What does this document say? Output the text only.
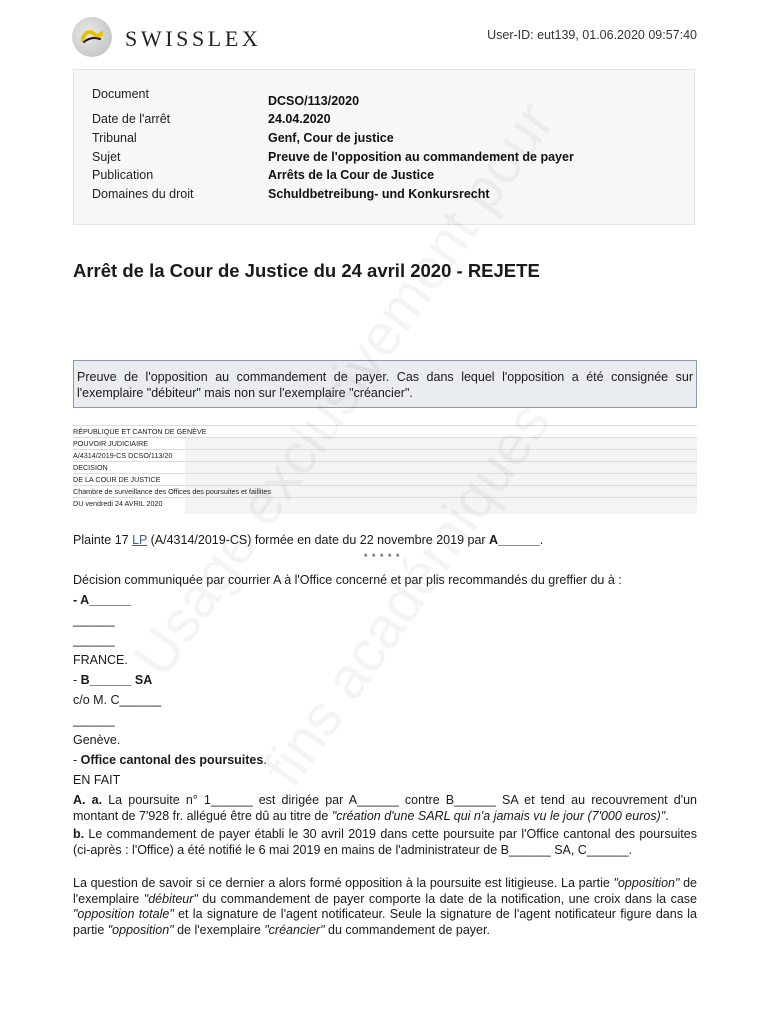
SWISSLEX	User-ID: eut139, 01.06.2020 09:57:40
Document	DCSO/113/2020
Date de l'arrêt	24.04.2020
Tribunal	Genf, Cour de justice
Sujet	Preuve de l'opposition au commandement de payer
Publication	Arrêts de la Cour de Justice
Domaines du droit	Schuldbetreibung- und Konkursrecht
Arrêt de la Cour de Justice du 24 avril 2020 - REJETE
Preuve de l'opposition au commandement de payer. Cas dans lequel l'opposition a été consignée sur l'exemplaire "débiteur" mais non sur l'exemplaire "créancier".
RÉPUBLIQUE ET CANTON DE GENÈVE
POUVOIR JUDICIAIRE
A/4314/2019-CS DCSO/113/20
DECISION
DE LA COUR DE JUSTICE
Chambre de surveillance des Offices des poursuites et faillites
DU vendredi 24 AVRIL 2020
Plainte 17 LP (A/4314/2019-CS) formée en date du 22 novembre 2019 par A______.
* * * * *
Décision communiquée par courrier A à l'Office concerné et par plis recommandés du greffier du à :
- A______
______
______
FRANCE.
- B______ SA
c/o M. C______
______
Genève.
- Office cantonal des poursuites.
EN FAIT
A. a. La poursuite n° 1______ est dirigée par A______ contre B______ SA et tend au recouvrement d'un montant de 7'928 fr. allégué être dû au titre de "création d'une SARL qui n'a jamais vu le jour (7'000 euros)".
b. Le commandement de payer établi le 30 avril 2019 dans cette poursuite par l'Office cantonal des poursuites (ci-après : l'Office) a été notifié le 6 mai 2019 en mains de l'administrateur de B______ SA, C______.
La question de savoir si ce dernier a alors formé opposition à la poursuite est litigieuse. La partie "opposition" de l'exemplaire "débiteur" du commandement de payer comporte la date de la notification, une croix dans la case "opposition totale" et la signature de l'agent notificateur. Seule la signature de l'agent notificateur figure dans la partie "opposition" de l'exemplaire "créancier" du commandement de payer.
